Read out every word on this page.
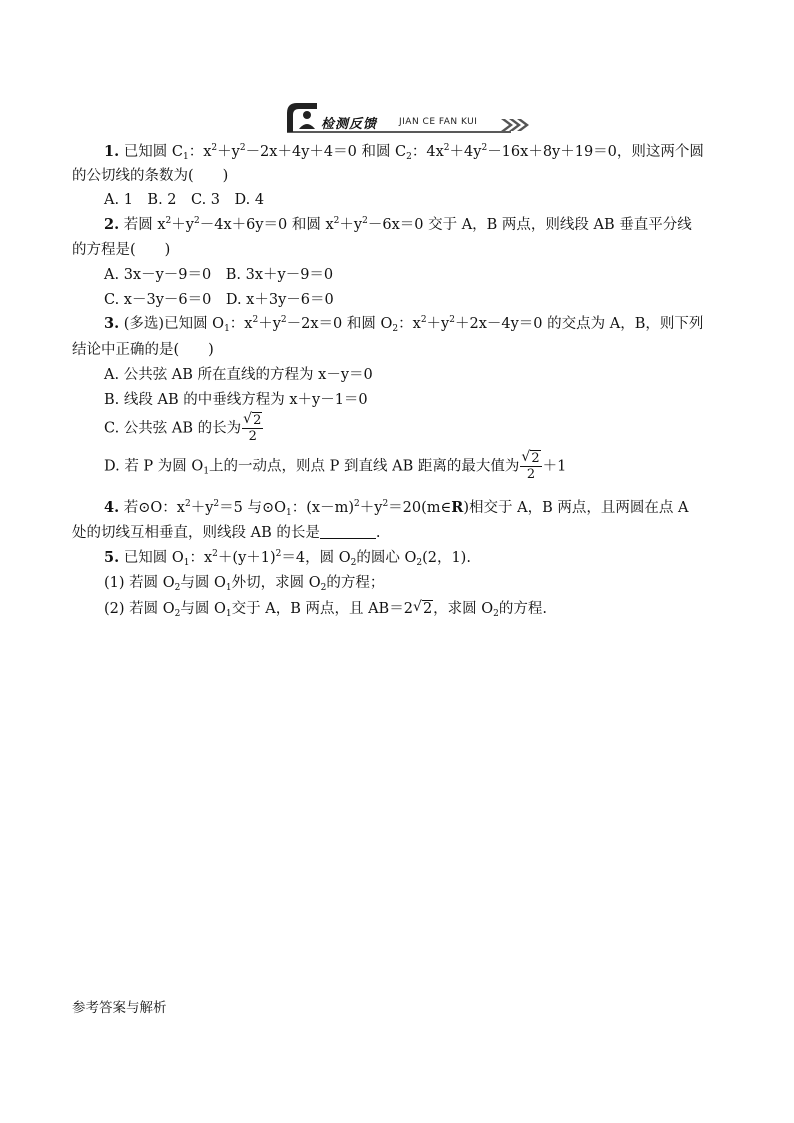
检测反馈 JIAN CE FAN KUI
1. 已知圆 $C_1$：$x^2+y^2-2x+4y+4=0$ 和圆 $C_2$：$4x^2+4y^2-16x+8y+19=0$，则这两个圆
的公切线的条数为(　　)
A. 1　B. 2　C. 3　D. 4
2. 若圆 $x^2+y^2-4x+6y=0$ 和圆 $x^2+y^2-6x=0$ 交于 A，B 两点，则线段 AB 垂直平分线
的方程是(　　)
A. 3x－y－9＝0　B. 3x＋y－9＝0
C. x－3y－6＝0　D. x＋3y－6＝0
3. (多选)已知圆 $O_1$：$x^2+y^2-2x=0$ 和圆 $O_2$：$x^2+y^2+2x-4y=0$ 的交点为 A，B，则下列
结论中正确的是(　　)
A. 公共弦 AB 所在直线的方程为 x－y＝0
B. 线段 AB 的中垂线方程为 x＋y－1＝0
C. 公共弦 AB 的长为 $\frac{√ 2}{2}$
D. 若 P 为圆 $O_1$上的一动点，则点 P 到直线 AB 距离的最大值为 $\frac{√ 2}{2} +1$
4. 若⊙O：$x^2+y^2=5$ 与$⊙O_1$：$(x-m)^2+y^2=20(m\in R)$相交于 A，B 两点，且两圆在点 A
处的切线互相垂直，则线段 AB 的长是	.
5. 已知圆 $O_1$：$x^2+(y+1)^2=4$，圆 $O_2$的圆心 $O_2(2$，1).
(1) 若圆 $O_2$与圆 $O_1$外切，求圆 $O_2$的方程；
(2) 若圆 $O_2$与圆 $O_1$交于 A，B 两点，且 AB＝2 √ 2，求圆 $O_2$的方程.
参考答案与解析
